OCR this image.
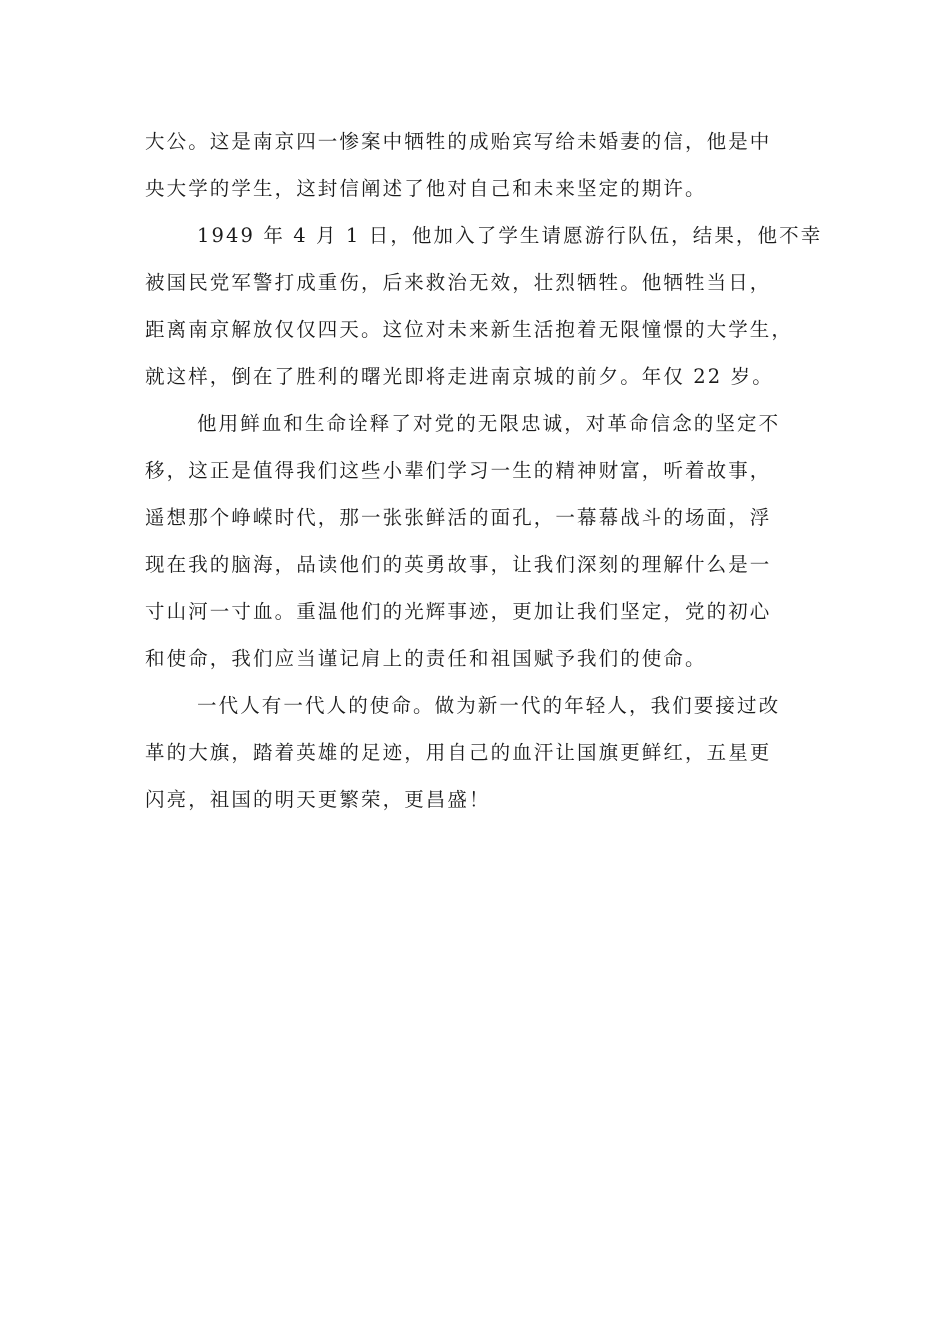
大公。这是南京四一惨案中牺牲的成贻宾写给未婚妻的信，他是中
央大学的学生，这封信阐述了他对自己和未来坚定的期许。
1949 年 4 月 1 日，他加入了学生请愿游行队伍，结果，他不幸
被国民党军警打成重伤，后来救治无效，壮烈牺牲。他牺牲当日，
距离南京解放仅仅四天。这位对未来新生活抱着无限憧憬的大学生，
就这样，倒在了胜利的曙光即将走进南京城的前夕。年仅 22 岁。
他用鲜血和生命诠释了对党的无限忠诚，对革命信念的坚定不
移，这正是值得我们这些小辈们学习一生的精神财富，听着故事，
遥想那个峥嵘时代，那一张张鲜活的面孔，一幕幕战斗的场面，浮
现在我的脑海，品读他们的英勇故事，让我们深刻的理解什么是一
寸山河一寸血。重温他们的光辉事迹，更加让我们坚定，党的初心
和使命，我们应当谨记肩上的责任和祖国赋予我们的使命。
一代人有一代人的使命。做为新一代的年轻人，我们要接过改
革的大旗，踏着英雄的足迹，用自己的血汗让国旗更鲜红，五星更
闪亮，祖国的明天更繁荣，更昌盛！
